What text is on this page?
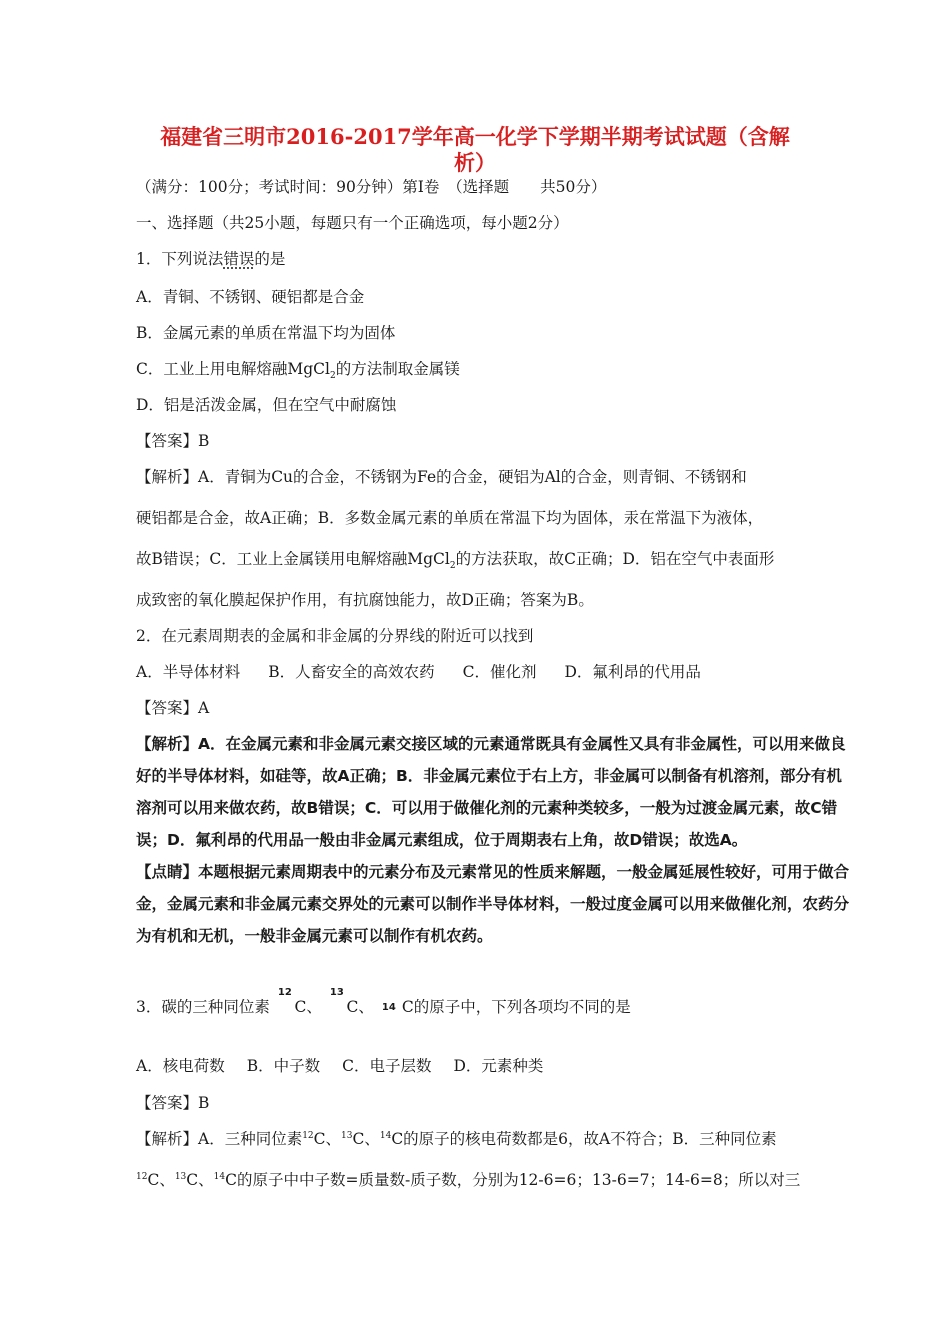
福建省三明市2016-2017学年高一化学下学期半期考试试题（含解
析）
（满分：100分；考试时间：90分钟）第Ⅰ卷　（选择题　　共50分）
一、选择题（共25小题，每题只有一个正确选项，每小题2分）
1．下列说法错误的是
A．青铜、不锈钢、硬铝都是合金
B．金属元素的单质在常温下均为固体
C．工业上用电解熔融MgCl$_2$的方法制取金属镁
D．铝是活泼金属，但在空气中耐腐蚀
【答案】B
【解析】A．青铜为Cu的合金，不锈钢为Fe的合金，硬铝为Al的合金，则青铜、不锈钢和
硬铝都是合金，故A正确；B．多数金属元素的单质在常温下均为固体，汞在常温下为液体，
故B错误；C．工业上金属镁用电解熔融MgCl$_2$的方法获取，故C正确；D．铝在空气中表面形
成致密的氧化膜起保护作用，有抗腐蚀能力，故D正确；答案为B。
2．在元素周期表的金属和非金属的分界线的附近可以找到
A．半导体材料 B．人畜安全的高效农药 C．催化剂 D．氟利昂的代用品
【答案】A
【解析】A．在金属元素和非金属元素交接区域的元素通常既具有金属性又具有非金属性，可以用来做良
好的半导体材料，如硅等，故A正确；B．非金属元素位于右上方，非金属可以制备有机溶剂，部分有机
溶剂可以用来做农药，故B错误；C．可以用于做催化剂的元素种类较多，一般为过渡金属元素，故C错
误；D．氟利昂的代用品一般由非金属元素组成，位于周期表右上角，故D错误；故选A。
【点睛】本题根据元素周期表中的元素分布及元素常见的性质来解题，一般金属延展性较好，可用于做合
金，金属元素和非金属元素交界处的元素可以制作半导体材料，一般过度金属可以用来做催化剂，农药分
为有机和无机，一般非金属元素可以制作有机农药。
3．碳的三种同位素
12
C、
13
C、 14 C的原子中，下列各项均不同的是
A．核电荷数 B．中子数 C．电子层数 D．元素种类
【答案】B
【解析】A．三种同位素$^{12}$C、$^{13}$C、$^{14}$C的原子的核电荷数都是6，故A不符合；B．三种同位素
$^{12}$C、$^{13}$C、$^{14}$C的原子中中子数=质量数-质子数，分别为12-6=6；13-6=7；14-6=8；所以对三
